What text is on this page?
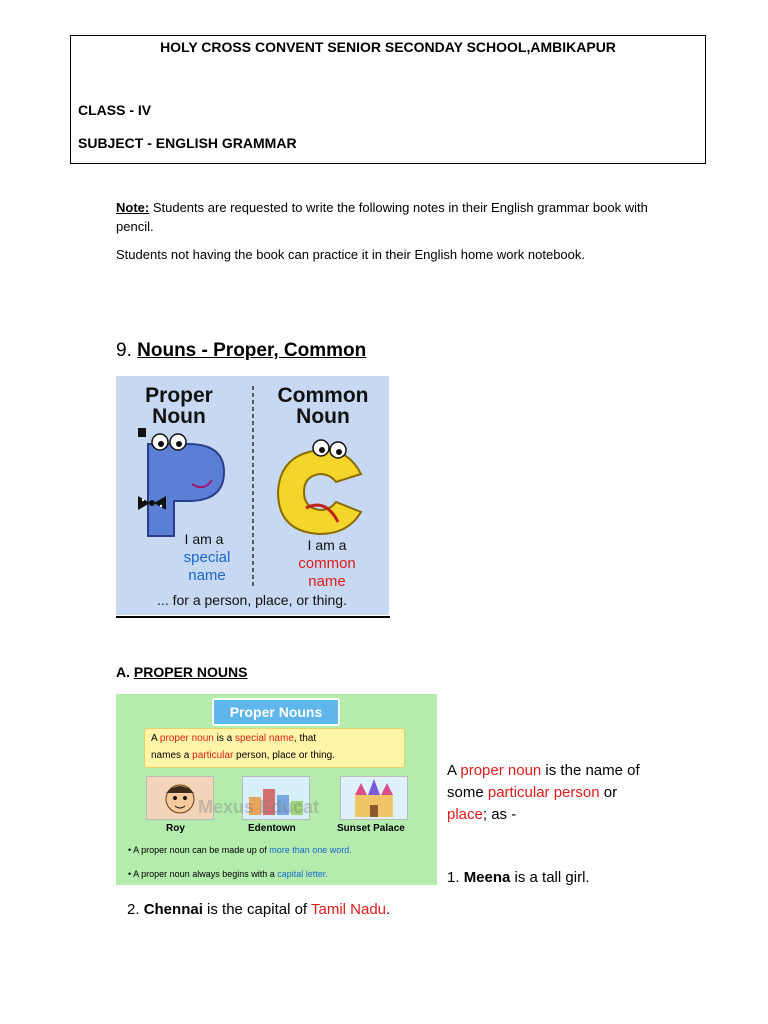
HOLY CROSS CONVENT SENIOR SECONDAY SCHOOL,AMBIKAPUR
CLASS - IV
SUBJECT - ENGLISH GRAMMAR
Note: Students are requested to write the following notes in their English grammar book with pencil.
Students not having the book can practice it in their English home work notebook.
9. Nouns - Proper, Common
Proper
Noun
Common
Noun
I am a
special
name
I am a
common
name
... for a person, place, or thing.
A. PROPER NOUNS
Proper Nouns
A proper noun is a special name, that
names a particular person, place or thing.
Mexus Educat
Roy	Edentown	Sunset Palace
• A proper noun can be made up of more than one word.
• A proper noun always begins with a capital letter.
A proper noun is the name of some particular person or place; as -
1. Meena is a tall girl.
2. Chennai is the capital of Tamil Nadu.
